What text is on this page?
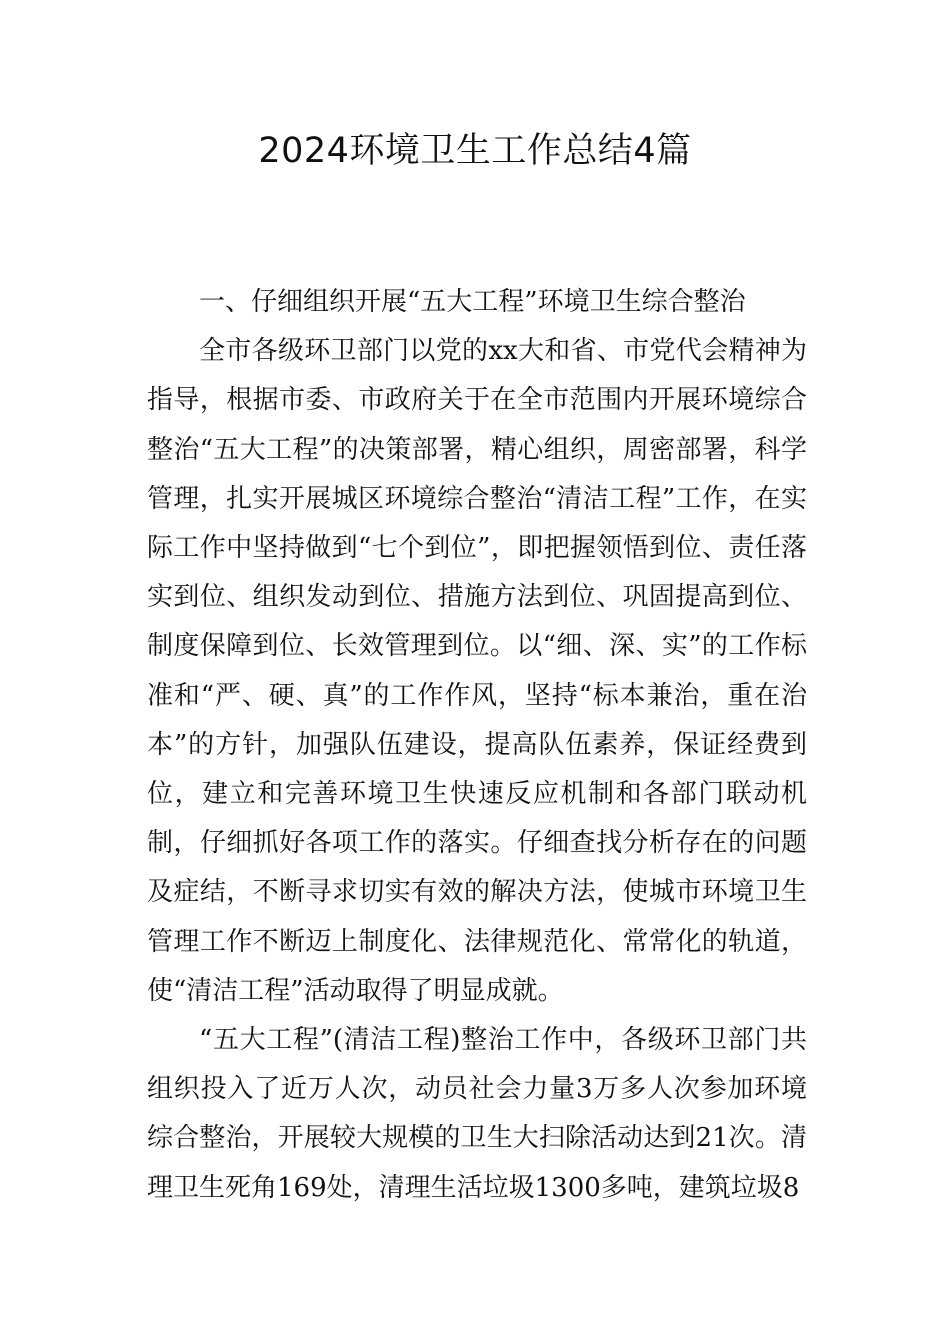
2024环境卫生工作总结4篇

一、仔细组织开展“五大工程”环境卫生综合整治

全市各级环卫部门以党的xx大和省、市党代会精神为指导，根据市委、市政府关于在全市范围内开展环境综合整治“五大工程”的决策部署，精心组织，周密部署，科学管理，扎实开展城区环境综合整治“清洁工程”工作，在实际工作中坚持做到“七个到位”，即把握领悟到位、责任落实到位、组织发动到位、措施方法到位、巩固提高到位、制度保障到位、长效管理到位。以“细、深、实”的工作标准和“严、硬、真”的工作作风，坚持“标本兼治，重在治本”的方针，加强队伍建设，提高队伍素养，保证经费到位，建立和完善环境卫生快速反应机制和各部门联动机制，仔细抓好各项工作的落实。仔细查找分析存在的问题及症结，不断寻求切实有效的解决方法，使城市环境卫生管理工作不断迈上制度化、法律规范化、常常化的轨道，使“清洁工程”活动取得了明显成就。

“五大工程”(清洁工程)整治工作中，各级环卫部门共组织投入了近万人次，动员社会力量3万多人次参加环境综合整治，开展较大规模的卫生大扫除活动达到21次。清理卫生死角169处，清理生活垃圾1300多吨，建筑垃圾8
